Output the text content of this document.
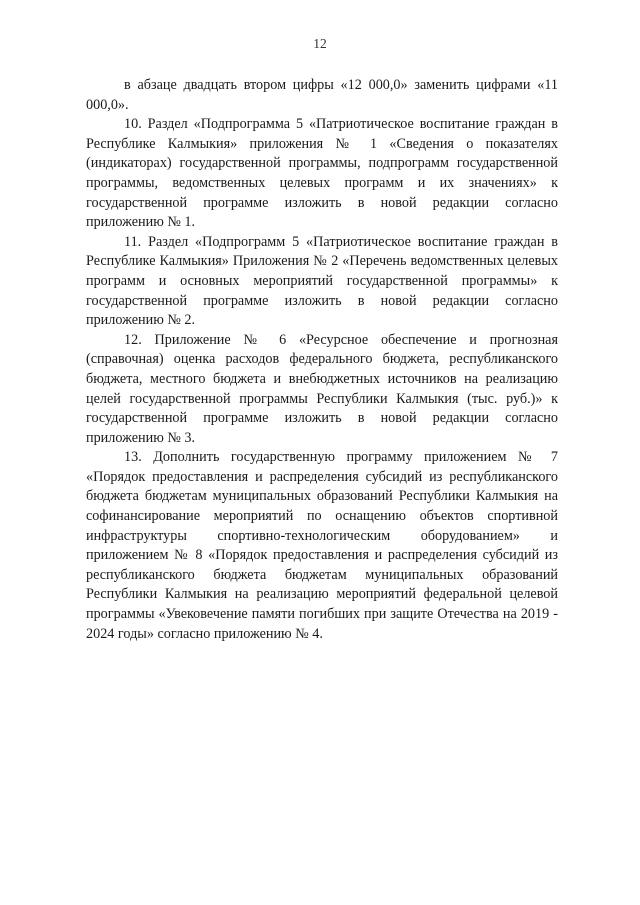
12

в абзаце двадцать втором цифры «12 000,0» заменить цифрами «11 000,0».

10. Раздел «Подпрограмма 5 «Патриотическое воспитание граждан в Республике Калмыкия» приложения № 1 «Сведения о показателях (индикаторах) государственной программы, подпрограмм государственной программы, ведомственных целевых программ и их значениях» к государственной программе изложить в новой редакции согласно приложению № 1.

11. Раздел «Подпрограмм 5 «Патриотическое воспитание граждан в Республике Калмыкия» Приложения № 2 «Перечень ведомственных целевых программ и основных мероприятий государственной программы» к государственной программе изложить в новой редакции согласно приложению № 2.

12. Приложение № 6 «Ресурсное обеспечение и прогнозная (справочная) оценка расходов федерального бюджета, республиканского бюджета, местного бюджета и внебюджетных источников на реализацию целей государственной программы Республики Калмыкия (тыс. руб.)» к государственной программе изложить в новой редакции согласно приложению № 3.

13. Дополнить государственную программу приложением № 7 «Порядок предоставления и распределения субсидий из республиканского бюджета бюджетам муниципальных образований Республики Калмыкия на софинансирование мероприятий по оснащению объектов спортивной инфраструктуры спортивно-технологическим оборудованием» и приложением № 8 «Порядок предоставления и распределения субсидий из республиканского бюджета бюджетам муниципальных образований Республики Калмыкия на реализацию мероприятий федеральной целевой программы «Увековечение памяти погибших при защите Отечества на 2019 - 2024 годы» согласно приложению № 4.
